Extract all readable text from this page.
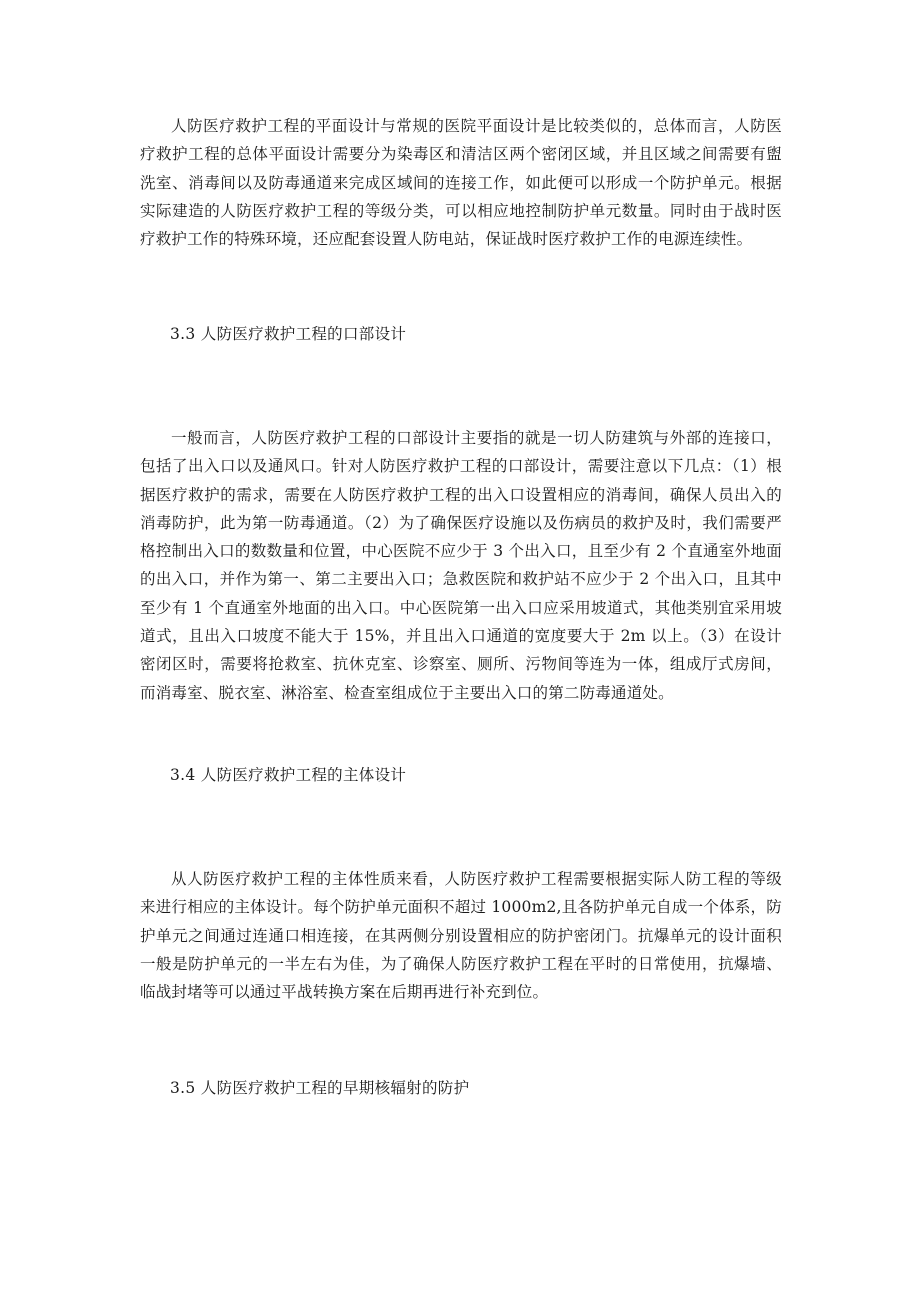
人防医疗救护工程的平面设计与常规的医院平面设计是比较类似的，总体而言，人防医疗救护工程的总体平面设计需要分为染毒区和清洁区两个密闭区域，并且区域之间需要有盥洗室、消毒间以及防毒通道来完成区域间的连接工作，如此便可以形成一个防护单元。根据实际建造的人防医疗救护工程的等级分类，可以相应地控制防护单元数量。同时由于战时医疗救护工作的特殊环境，还应配套设置人防电站，保证战时医疗救护工作的电源连续性。

3.3 人防医疗救护工程的口部设计

一般而言，人防医疗救护工程的口部设计主要指的就是一切人防建筑与外部的连接口，包括了出入口以及通风口。针对人防医疗救护工程的口部设计，需要注意以下几点：（1）根据医疗救护的需求，需要在人防医疗救护工程的出入口设置相应的消毒间，确保人员出入的消毒防护，此为第一防毒通道。（2）为了确保医疗设施以及伤病员的救护及时，我们需要严格控制出入口的数数量和位置，中心医院不应少于 3 个出入口，且至少有 2 个直通室外地面的出入口，并作为第一、第二主要出入口；急救医院和救护站不应少于 2 个出入口，且其中至少有 1 个直通室外地面的出入口。中心医院第一出入口应采用坡道式，其他类别宜采用坡道式，且出入口坡度不能大于 15%，并且出入口通道的宽度要大于 2m 以上。（3）在设计密闭区时，需要将抢救室、抗休克室、诊察室、厕所、污物间等连为一体，组成厅式房间，而消毒室、脱衣室、淋浴室、检查室组成位于主要出入口的第二防毒通道处。

3.4 人防医疗救护工程的主体设计

从人防医疗救护工程的主体性质来看，人防医疗救护工程需要根据实际人防工程的等级来进行相应的主体设计。每个防护单元面积不超过 1000m2,且各防护单元自成一个体系，防护单元之间通过连通口相连接，在其两侧分别设置相应的防护密闭门。抗爆单元的设计面积一般是防护单元的一半左右为佳，为了确保人防医疗救护工程在平时的日常使用，抗爆墙、临战封堵等可以通过平战转换方案在后期再进行补充到位。

3.5 人防医疗救护工程的早期核辐射的防护
